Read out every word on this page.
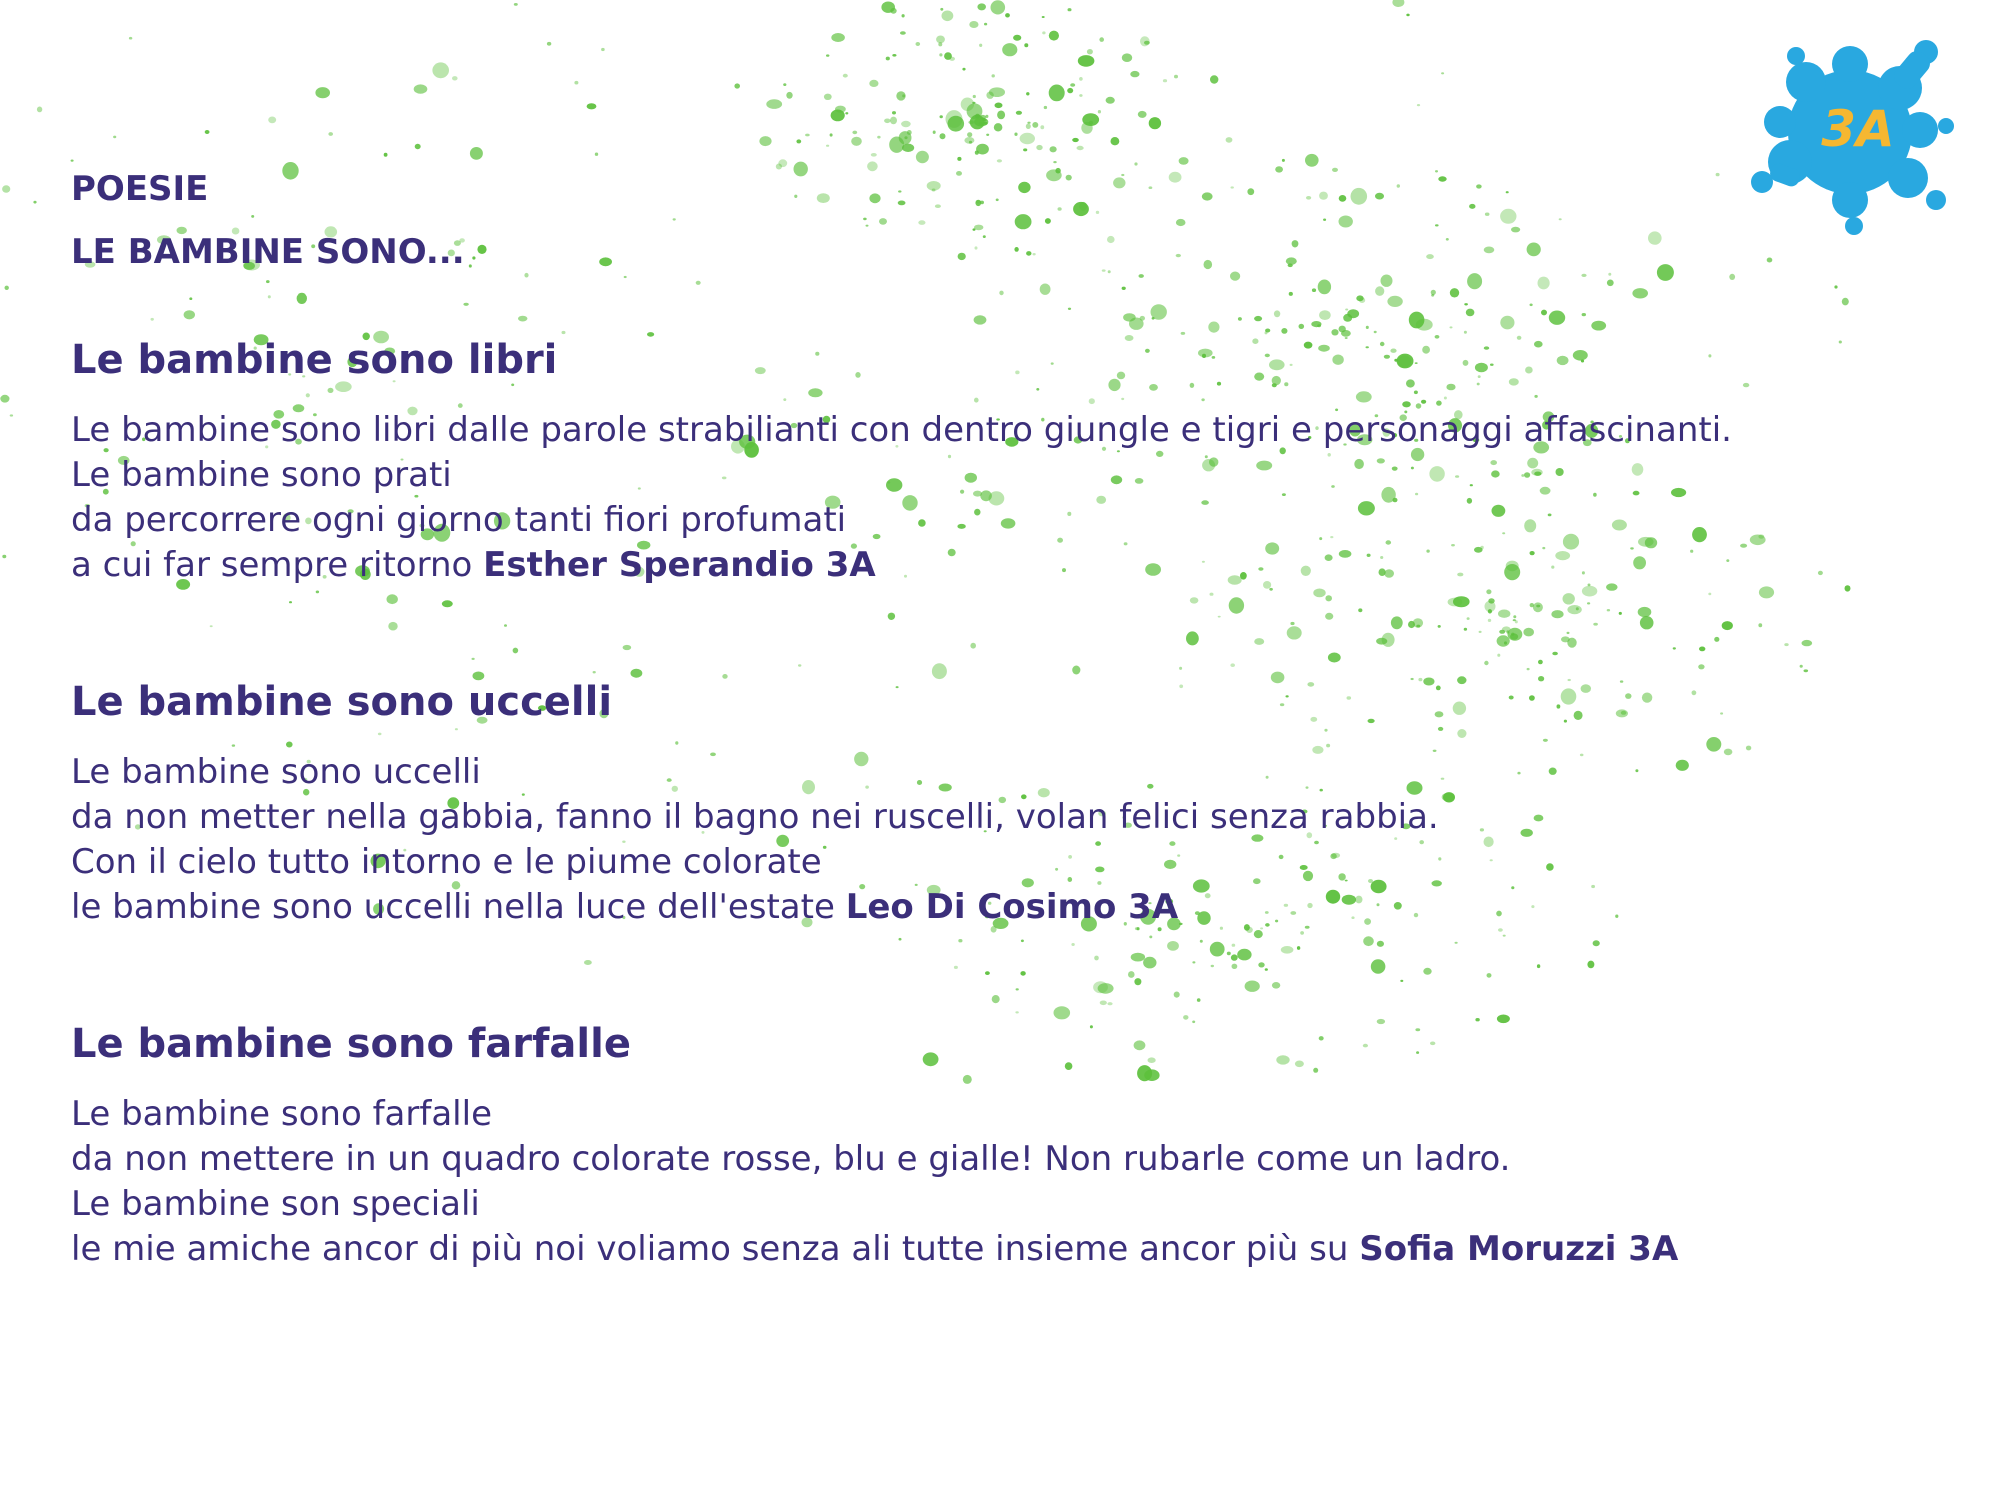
POESIE
LE BAMBINE SONO...
Le bambine sono libri
Le bambine sono libri dalle parole strabilianti con dentro giungle e tigri e personaggi affascinanti.
Le bambine sono prati
da percorrere ogni giorno tanti fiori profumati
a cui far sempre ritorno Esther Sperandio 3A
Le bambine sono uccelli
Le bambine sono uccelli
da non metter nella gabbia, fanno il bagno nei ruscelli, volan felici senza rabbia.
Con il cielo tutto intorno e le piume colorate
le bambine sono uccelli nella luce dell'estate Leo Di Cosimo 3A
Le bambine sono farfalle
Le bambine sono farfalle
da non mettere in un quadro colorate rosse, blu e gialle! Non rubarle come un ladro.
Le bambine son speciali
le mie amiche ancor di più noi voliamo senza ali tutte insieme ancor più su Sofia Moruzzi 3A
3A
